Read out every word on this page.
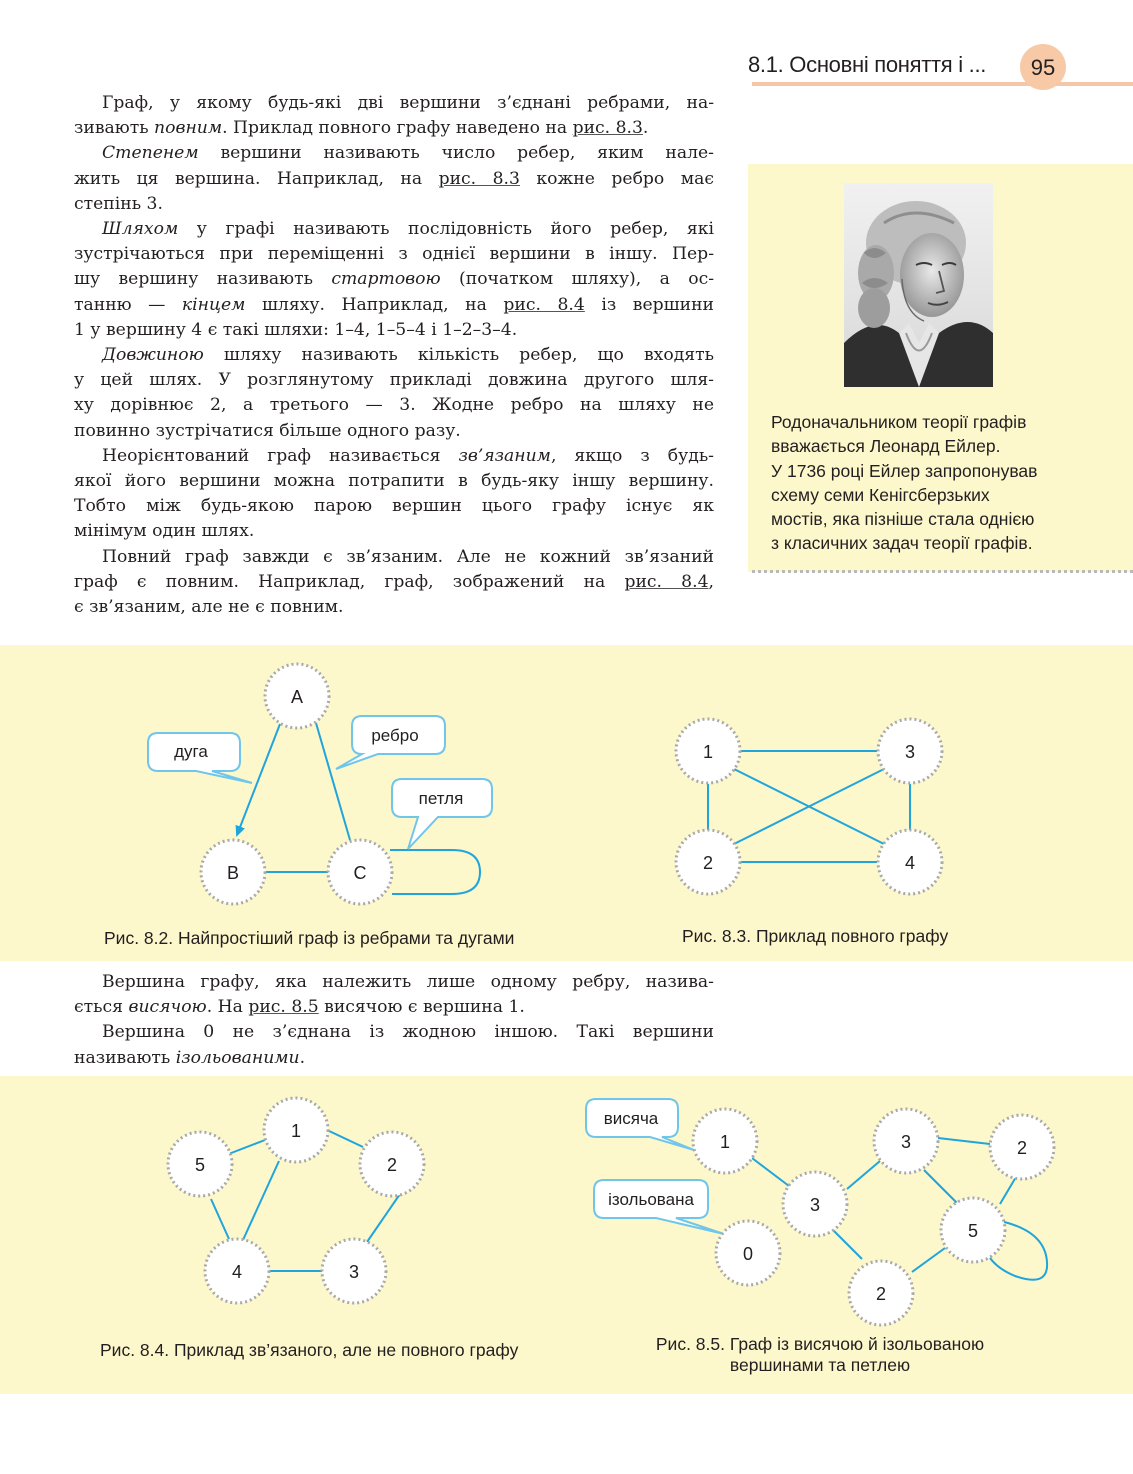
8.1. Основні поняття і ...	95
Граф, у якому будь-які дві вершини з’єднані ребрами, на-
зивають повним. Приклад повного графу наведено на рис. 8.3.
Степенем вершини називають число ребер, яким нале-
жить ця вершина. Наприклад, на рис. 8.3 кожне ребро має
степінь 3.
Шляхом у графі називають послідовність його ребер, які
зустрічаються при переміщенні з однієї вершини в іншу. Пер-
шу вершину називають стартовою (початком шляху), а ос-
танню — кінцем шляху. Наприклад, на рис. 8.4 із вершини
1 у вершину 4 є такі шляхи: 1–4, 1–5–4 і 1–2–3–4.
Довжиною шляху називають кількість ребер, що входять
у цей шлях. У розглянутому прикладі довжина другого шля-
ху дорівнює 2, а третього — 3. Жодне ребро на шляху не
повинно зустрічатися більше одного разу.
Неорієнтований граф називається зв’язаним, якщо з будь-
якої його вершини можна потрапити в будь-яку іншу вершину.
Тобто між будь-якою парою вершин цього графу існує як
мінімум один шлях.
Повний граф завжди є зв’язаним. Але не кожний зв’язаний
граф є повним. Наприклад, граф, зображений на рис. 8.4,
є зв’язаним, але не є повним.
Родоначальником теорії графів
вважається Леонард Ейлер.
У 1736 році Ейлер запропонував
схему семи Кенігсберзьких
мостів, яка пізніше стала однією
з класичних задач теорії графів.
дуга
ребро
петля
A
B	C
1	3
2	4
Рис. 8.2. Найпростіший граф із ребрами та дугами	Рис. 8.3. Приклад повного графу
Вершина графу, яка належить лише одному ребру, назива-
ється висячою. На рис. 8.5 висячою є вершина 1.
Вершина 0 не з’єднана із жодною іншою. Такі вершини
називають ізольованими.
1
2
5
4	3
висяча
ізольована
1
3
3	2
0
5
2
Рис. 8.4. Приклад зв’язаного, але не повного графу	Рис. 8.5. Граф із висячою й ізольованою
вершинами та петлею
